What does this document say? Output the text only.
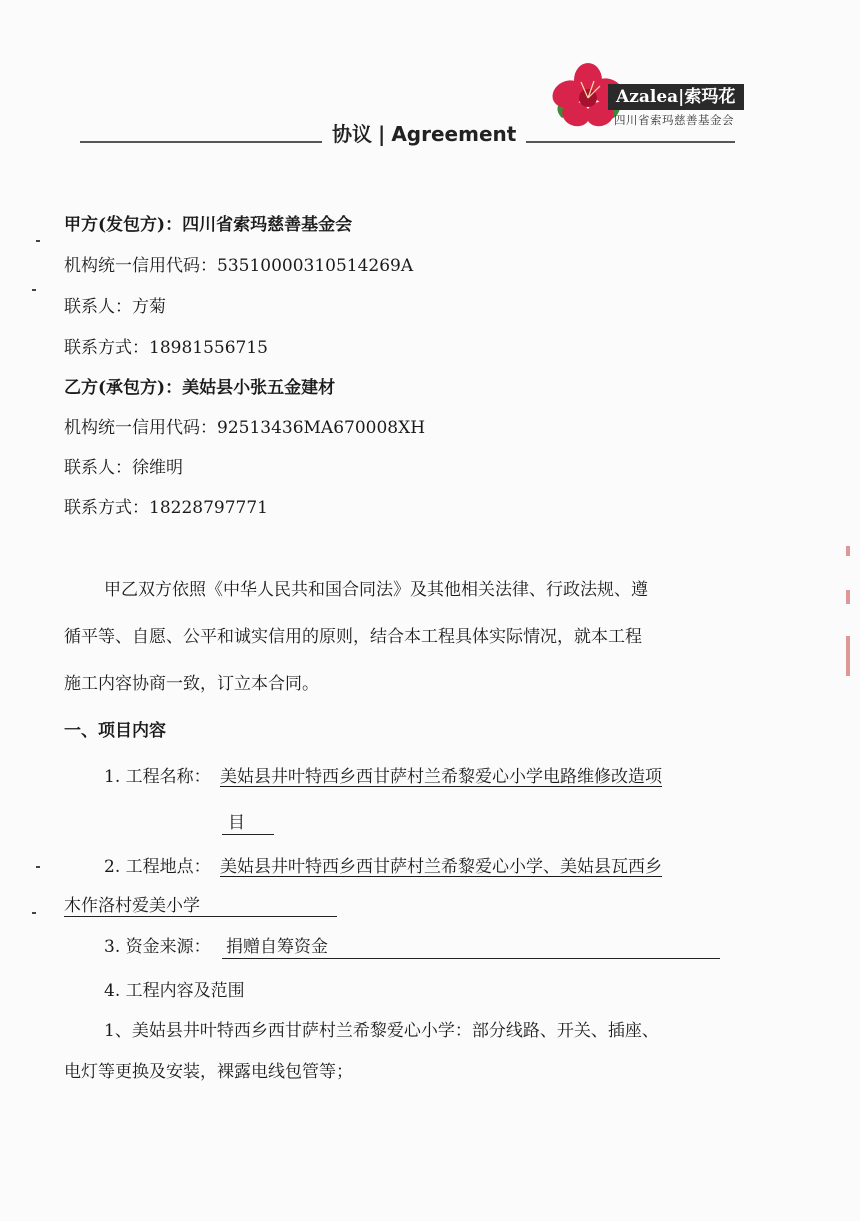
协议 | Agreement
Azalea|索玛花
四川省索玛慈善基金会
甲方(发包方)：四川省索玛慈善基金会
机构统一信用代码：53510000310514269A
联系人：方菊
联系方式：18981556715
乙方(承包方)：美姑县小张五金建材
机构统一信用代码：92513436MA670008XH
联系人：徐维明
联系方式：18228797771
甲乙双方依照《中华人民共和国合同法》及其他相关法律、行政法规、遵
循平等、自愿、公平和诚实信用的原则，结合本工程具体实际情况，就本工程
施工内容协商一致，订立本合同。
一、项目内容
1. 工程名称： 美姑县井叶特西乡西甘萨村兰希黎爱心小学电路维修改造项
目
2. 工程地点： 美姑县井叶特西乡西甘萨村兰希黎爱心小学、美姑县瓦西乡
木作洛村爱美小学
3. 资金来源： 捐赠自筹资金
4. 工程内容及范围
1、美姑县井叶特西乡西甘萨村兰希黎爱心小学：部分线路、开关、插座、
电灯等更换及安装，裸露电线包管等；
